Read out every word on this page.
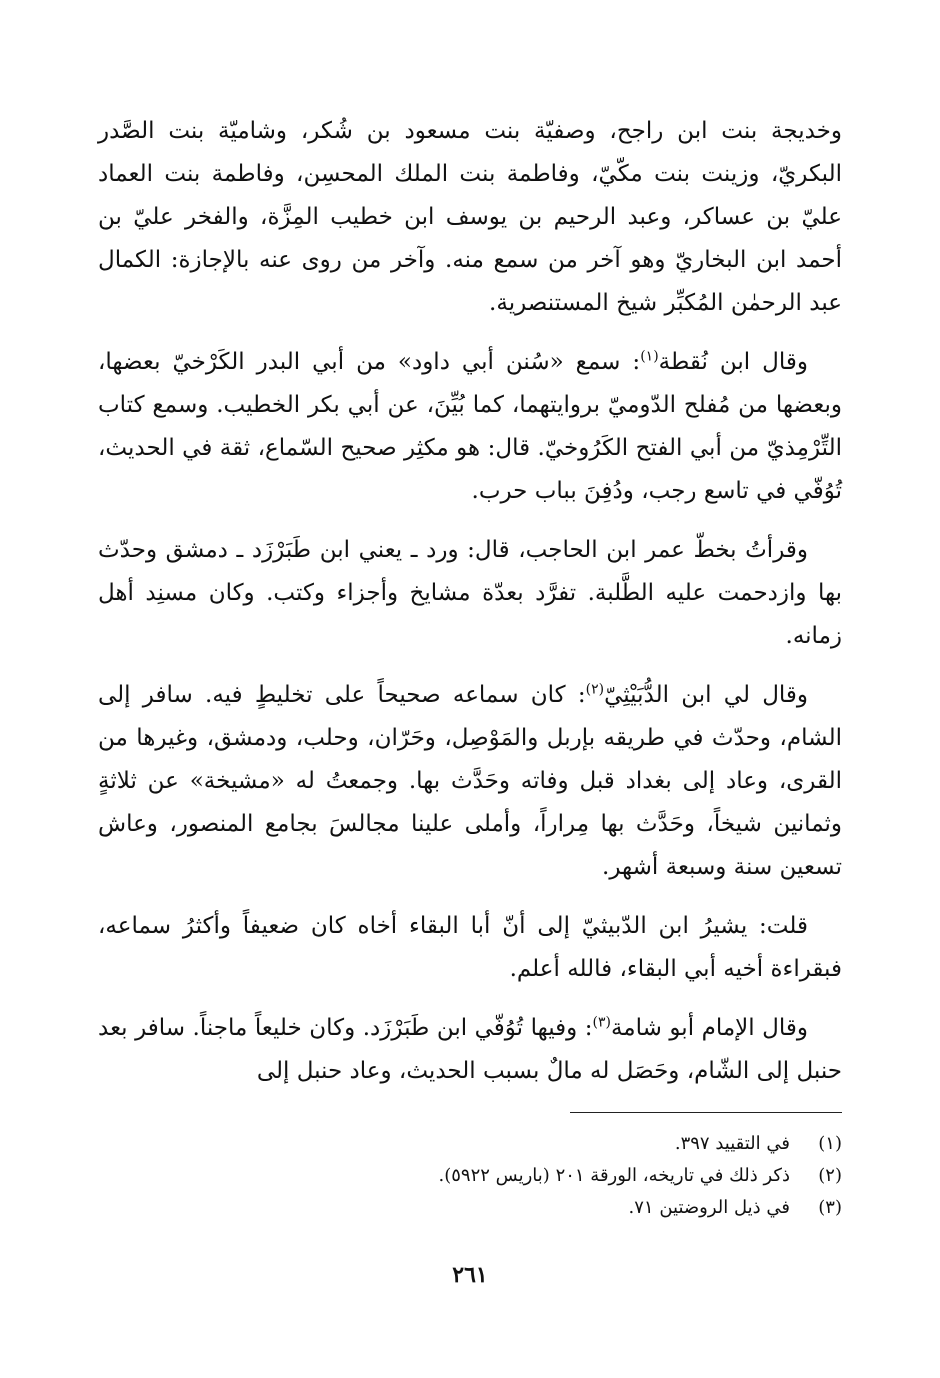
وخديجة بنت ابن راجح، وصفيّة بنت مسعود بن شُكر، وشاميّة بنت الصَّدر البكريّ، وزينت بنت مكّيّ، وفاطمة بنت الملك المحسِن، وفاطمة بنت العماد عليّ بن عساكر، وعبد الرحيم بن يوسف ابن خطيب المِزَّة، والفخر عليّ بن أحمد ابن البخاريّ وهو آخر من سمع منه. وآخر من روى عنه بالإجازة: الكمال عبد الرحمٰن المُكبِّر شيخ المستنصرية.

وقال ابن نُقطة$^{(١)}$: سمع «سُنن أبي داود» من أبي البدر الكَرْخيّ بعضها، وبعضها من مُفلح الدّوميّ بروايتهما، كما بُيِّنَ، عن أبي بكر الخطيب. وسمع كتاب التِّرْمِذيّ من أبي الفتح الكَرُوخيّ. قال: هو مكثِر صحيح السّماع، ثقة في الحديث، تُوُفّي في تاسع رجب، ودُفِنَ بباب حرب.

وقرأتُ بخطّ عمر ابن الحاجب، قال: ورد ـ يعني ابن طَبَرْزَد ـ دمشق وحدّث بها وازدحمت عليه الطَّلبة. تفرَّد بعدّة مشايخ وأجزاء وكتب. وكان مسنِد أهل زمانه.

وقال لي ابن الدُّبَيْثِيّ$^{(٢)}$: كان سماعه صحيحاً على تخليطٍ فيه. سافر إلى الشام، وحدّث في طريقه بإربل والمَوْصِل، وحَرّان، وحلب، ودمشق، وغيرها من القرى، وعاد إلى بغداد قبل وفاته وحَدَّث بها. وجمعتُ له «مشيخة» عن ثلاثةٍ وثمانين شيخاً، وحَدَّث بها مِراراً، وأملى علينا مجالسَ بجامع المنصور، وعاش تسعين سنة وسبعة أشهر.

قلت: يشيرُ ابن الدّبيثيّ إلى أنّ أبا البقاء أخاه كان ضعيفاً وأكثرُ سماعه، فبقراءة أخيه أبي البقاء، فالله أعلم.

وقال الإمام أبو شامة$^{(٣)}$: وفيها تُوُفّي ابن طَبَرْزَد. وكان خليعاً ماجناً. سافر بعد حنبل إلى الشّام، وحَصَل له مالٌ بسبب الحديث، وعاد حنبل إلى

(١)
في التقييد ٣٩٧.
(٢)
ذكر ذلك في تاريخه، الورقة ٢٠١ (باريس ٥٩٢٢).
(٣)
في ذيل الروضتين ٧١.
٢٦١
